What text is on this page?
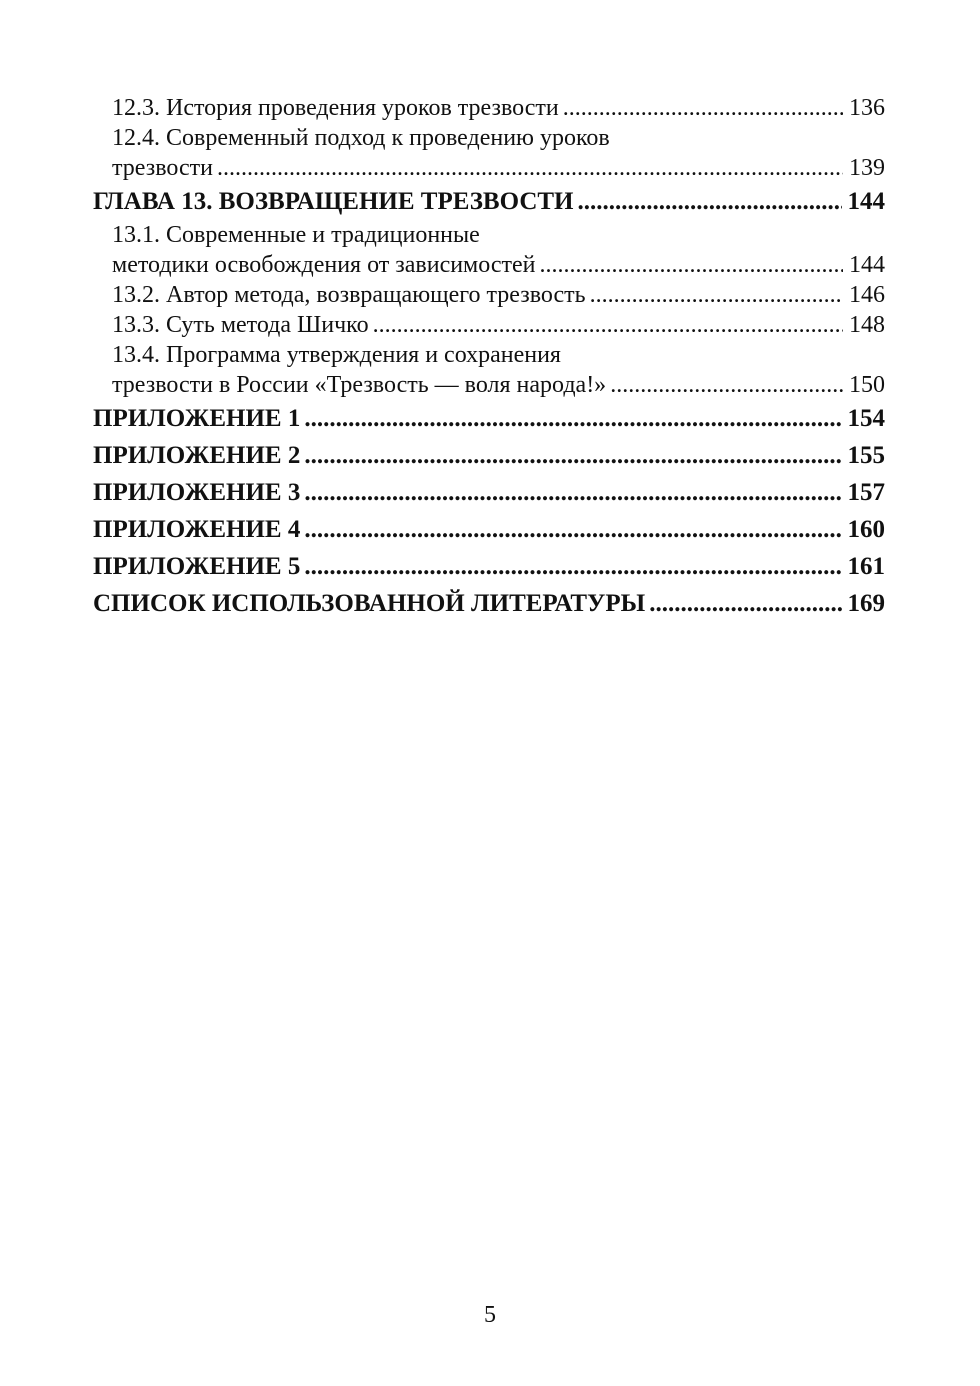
12.3. История проведения уроков трезвости .....	136
12.4. Современный подход к проведению уроков
трезвости .....	139
ГЛАВА 13. ВОЗВРАЩЕНИЕ ТРЕЗВОСТИ .....	144
13.1. Современные и традиционные
методики освобождения от зависимостей .....	144
13.2. Автор метода, возвращающего трезвость .....	146
13.3. Суть метода Шичко .....	148
13.4. Программа утверждения и сохранения
трезвости в России «Трезвость — воля народа!» .....	150
ПРИЛОЖЕНИЕ 1 .....	154
ПРИЛОЖЕНИЕ 2 .....	155
ПРИЛОЖЕНИЕ 3 .....	157
ПРИЛОЖЕНИЕ 4 .....	160
ПРИЛОЖЕНИЕ 5 .....	161
СПИСОК ИСПОЛЬЗОВАННОЙ ЛИТЕРАТУРЫ .....	169
5
